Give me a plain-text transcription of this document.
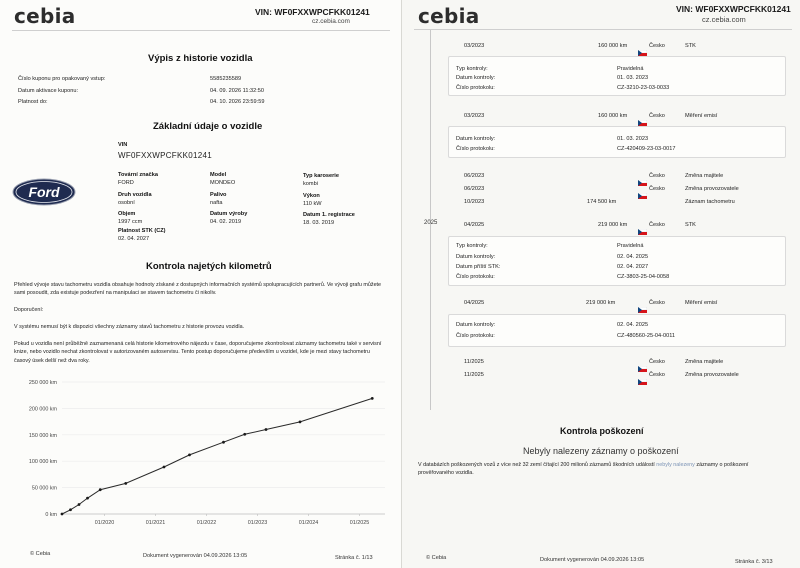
cebia	VIN: WF0FXXWPCFKK01241
cz.cebia.com
Výpis z historie vozidla
Číslo kuponu pro opakovaný vstup:	5585235589
Datum aktivace kuponu:	04. 09. 2026 11:32:50
Platnost do:	04. 10. 2026 23:59:59
Základní údaje o vozidle
Ford
VIN
WF0FXXWPCFKK01241
Tovární značka
FORD
Model
MONDEO
Typ karoserie
kombi
Druh vozidla
osobní
Palivo
nafta
Výkon
110 kW
Objem
1997 ccm
Datum výroby
04. 02. 2019
Datum 1. registrace
18. 03. 2019
Platnost STK (CZ)
02. 04. 2027
Kontrola najetých kilometrů
Přehled vývoje stavu tachometru vozidla obsahuje hodnoty získané z dostupných informačních systémů spolupracujících partnerů. Ve vývoji grafu můžete sami posoudit, zda existuje podezření na manipulaci se stavem tachometru či nikoliv.
Doporučení:
V systému nemusí být k dispozici všechny záznamy stavů tachometru z historie provozu vozidla.
Pokud u vozidla není průběžně zaznamenaná celá historie kilometrového nájezdu v čase, doporučujeme zkontrolovat záznamy tachometru také v servisní knize, nebo vozidlo nechat zkontrolovat v autorizovaném autoservisu. Tento postup doporučujeme především u vozidel, kde je mezi stavy tachometru časový úsek delší než dva roky.
0 km
50 000 km
100 000 km
150 000 km
200 000 km
250 000 km
01/2020	01/2021	01/2022	01/2023	01/2024	01/2025
© Cebia	Dokument vygenerován 04.09.2026 13:05	Stránka č. 1/13
cebia	VIN: WF0FXXWPCFKK01241
cz.cebia.com
2025
03/2023	160 000 km	Česko	STK
Typ kontroly:	Pravidelná
Datum kontroly:	01. 03. 2023
Číslo protokolu:	CZ-3210-23-03-0033
03/2023	160 000 km	Česko	Měření emisí
Datum kontroly:	01. 03. 2023
Číslo protokolu:	CZ-420409-23-03-0017
06/2023	Česko	Změna majitele
06/2023	Česko	Změna provozovatele
10/2023	174 500 km	Záznam tachometru
04/2025	219 000 km	Česko	STK
Typ kontroly:	Pravidelná
Datum kontroly:	02. 04. 2025
Datum příští STK:	02. 04. 2027
Číslo protokolu:	CZ-3803-25-04-0058
04/2025	219 000 km	Česko	Měření emisí
Datum kontroly:	02. 04. 2025
Číslo protokolu:	CZ-480560-25-04-0011
11/2025	Česko	Změna majitele
11/2025	Česko	Změna provozovatele
Kontrola poškození
Nebyly nalezeny záznamy o poškození
V databázích poškozených vozů z více než 32 zemí čítající 200 milionů záznamů škodních událostí nebyly nalezeny záznamy o poškození
prověřovaného vozidla.
© Cebia	Dokument vygenerován 04.09.2026 13:05	Stránka č. 3/13
